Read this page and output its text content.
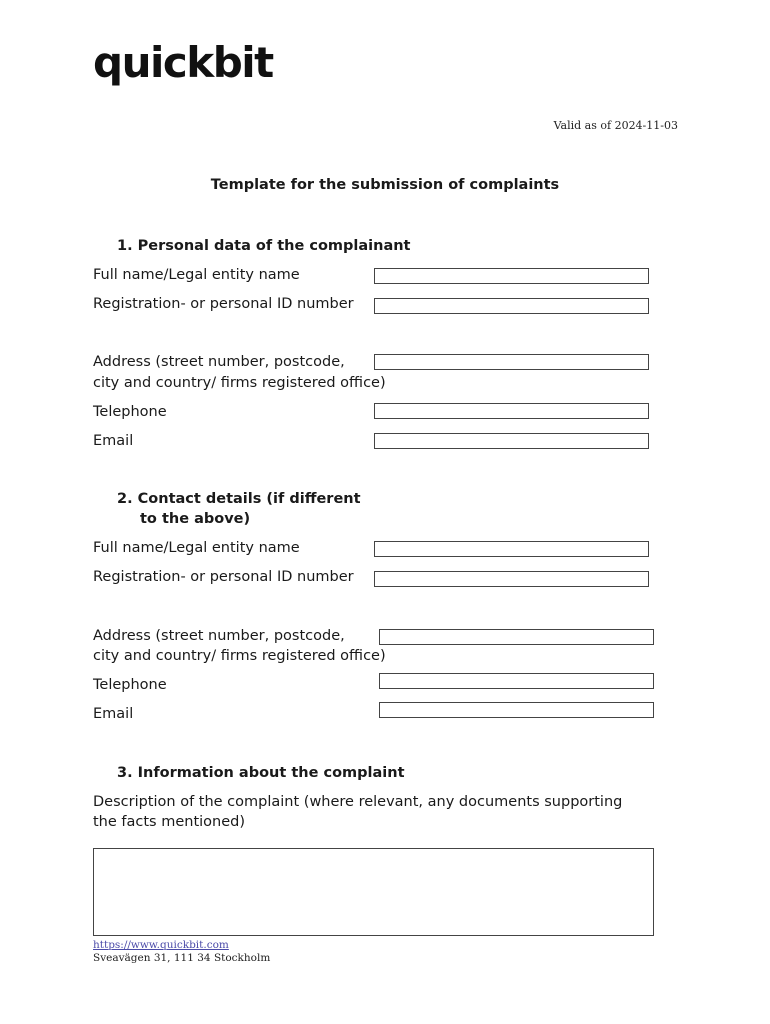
quickbit
Valid as of 2024-11-03
Template for the submission of complaints
1. Personal data of the complainant
Full name/Legal entity name
Registration- or personal ID number
Address (street number, postcode,
city and country/ firms registered office)
Telephone
Email
2. Contact details (if different
to the above)
Full name/Legal entity name
Registration- or personal ID number
Address (street number, postcode,
city and country/ firms registered office)
Telephone
Email
3. Information about the complaint
Description of the complaint (where relevant, any documents supporting
the facts mentioned)
https://www.quickbit.com
Sveavägen 31, 111 34 Stockholm
